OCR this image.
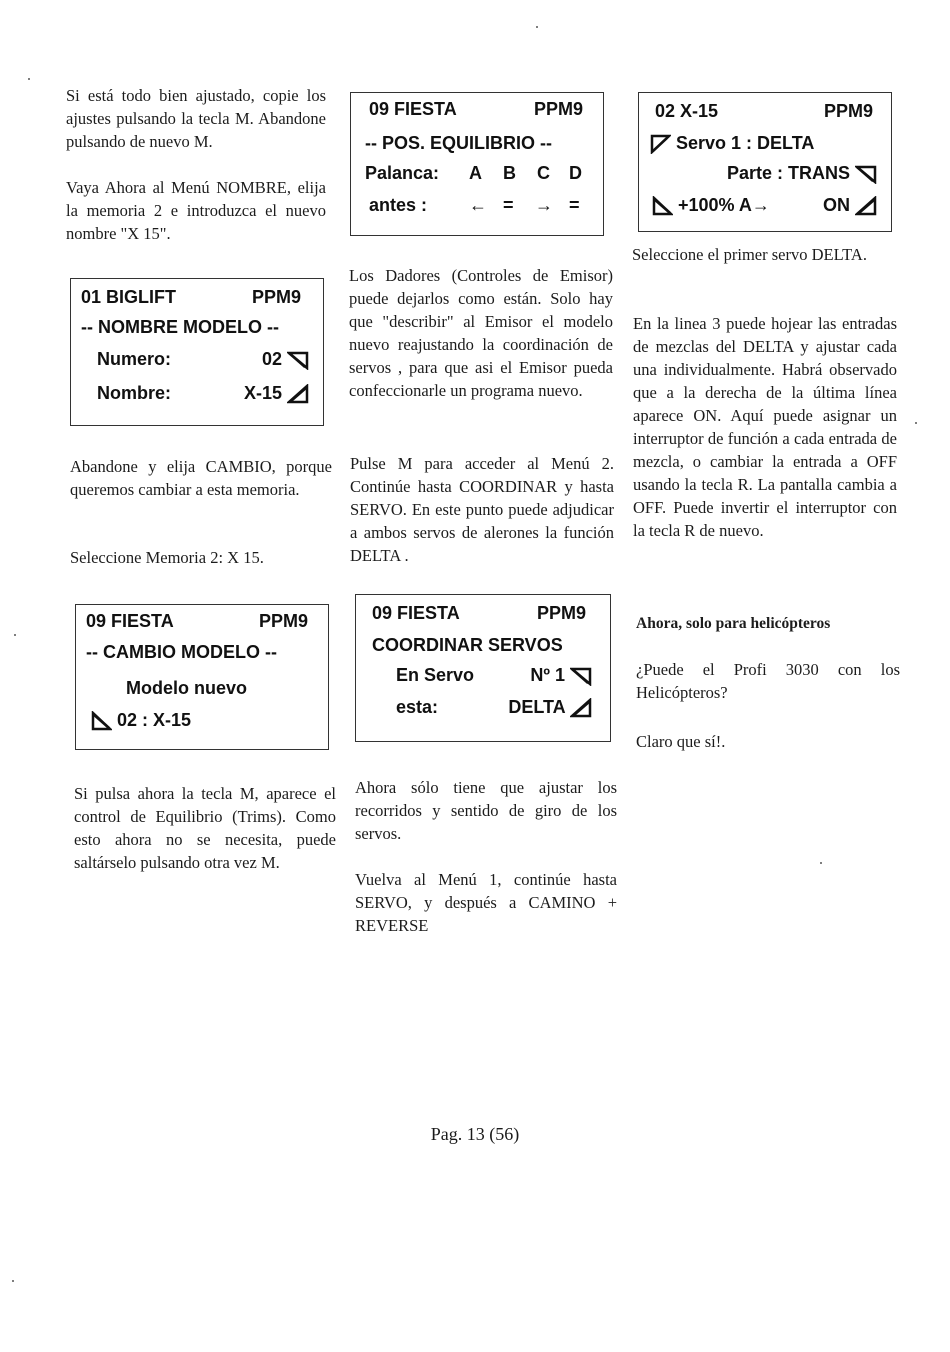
Si está todo bien ajustado, copie los ajustes pulsando la tecla M. Abandone pulsando de nuevo M.

Vaya Ahora al Menú NOMBRE, elija la memoria 2 e introduzca el nuevo nombre "X 15".

01 BIGLIFT	PPM9
-- NOMBRE MODELO --
Numero:	02
Nombre:	X-15

Abandone y elija CAMBIO, porque queremos cambiar a esta memoria.

Seleccione Memoria 2: X 15.

09 FIESTA	PPM9
-- CAMBIO MODELO --
Modelo nuevo
02 : X-15

Si pulsa ahora la tecla M, aparece el control de Equilibrio (Trims). Como esto ahora no se necesita, puede saltárselo pulsando otra vez M.

09 FIESTA	PPM9
-- POS. EQUILIBRIO --
Palanca: A B C D
antes : ← = → =

Los Dadores (Controles de Emisor) puede dejarlos como están. Solo hay que "describir" al Emisor el modelo nuevo reajustando la coordinación de servos , para que asi el Emisor pueda confeccionarle un programa nuevo.

Pulse M para acceder al Menú 2. Continúe hasta COORDINAR y hasta SERVO. En este punto puede adjudicar a ambos servos de alerones la función DELTA .

09 FIESTA	PPM9
COORDINAR SERVOS
En Servo	Nº 1
esta:	DELTA

Ahora sólo tiene que ajustar los recorridos y sentido de giro de los servos.

Vuelva al Menú 1, continúe hasta SERVO, y después a CAMINO + REVERSE

02 X-15	PPM9
Servo 1 : DELTA
Parte : TRANS
+100% A→	ON

Seleccione el primer servo DELTA.

En la linea 3 puede hojear las entradas de mezclas del DELTA y ajustar cada una individualmente. Habrá observado que a la derecha de la última línea aparece ON. Aquí puede asignar un interruptor de función a cada entrada de mezcla, o cambiar la entrada a OFF usando la tecla R. La pantalla cambia a OFF. Puede invertir el interruptor con la tecla R de nuevo.

Ahora, solo para helicópteros

¿Puede el Profi 3030 con los Helicópteros?

Claro que sí!.

Pag. 13 (56)
